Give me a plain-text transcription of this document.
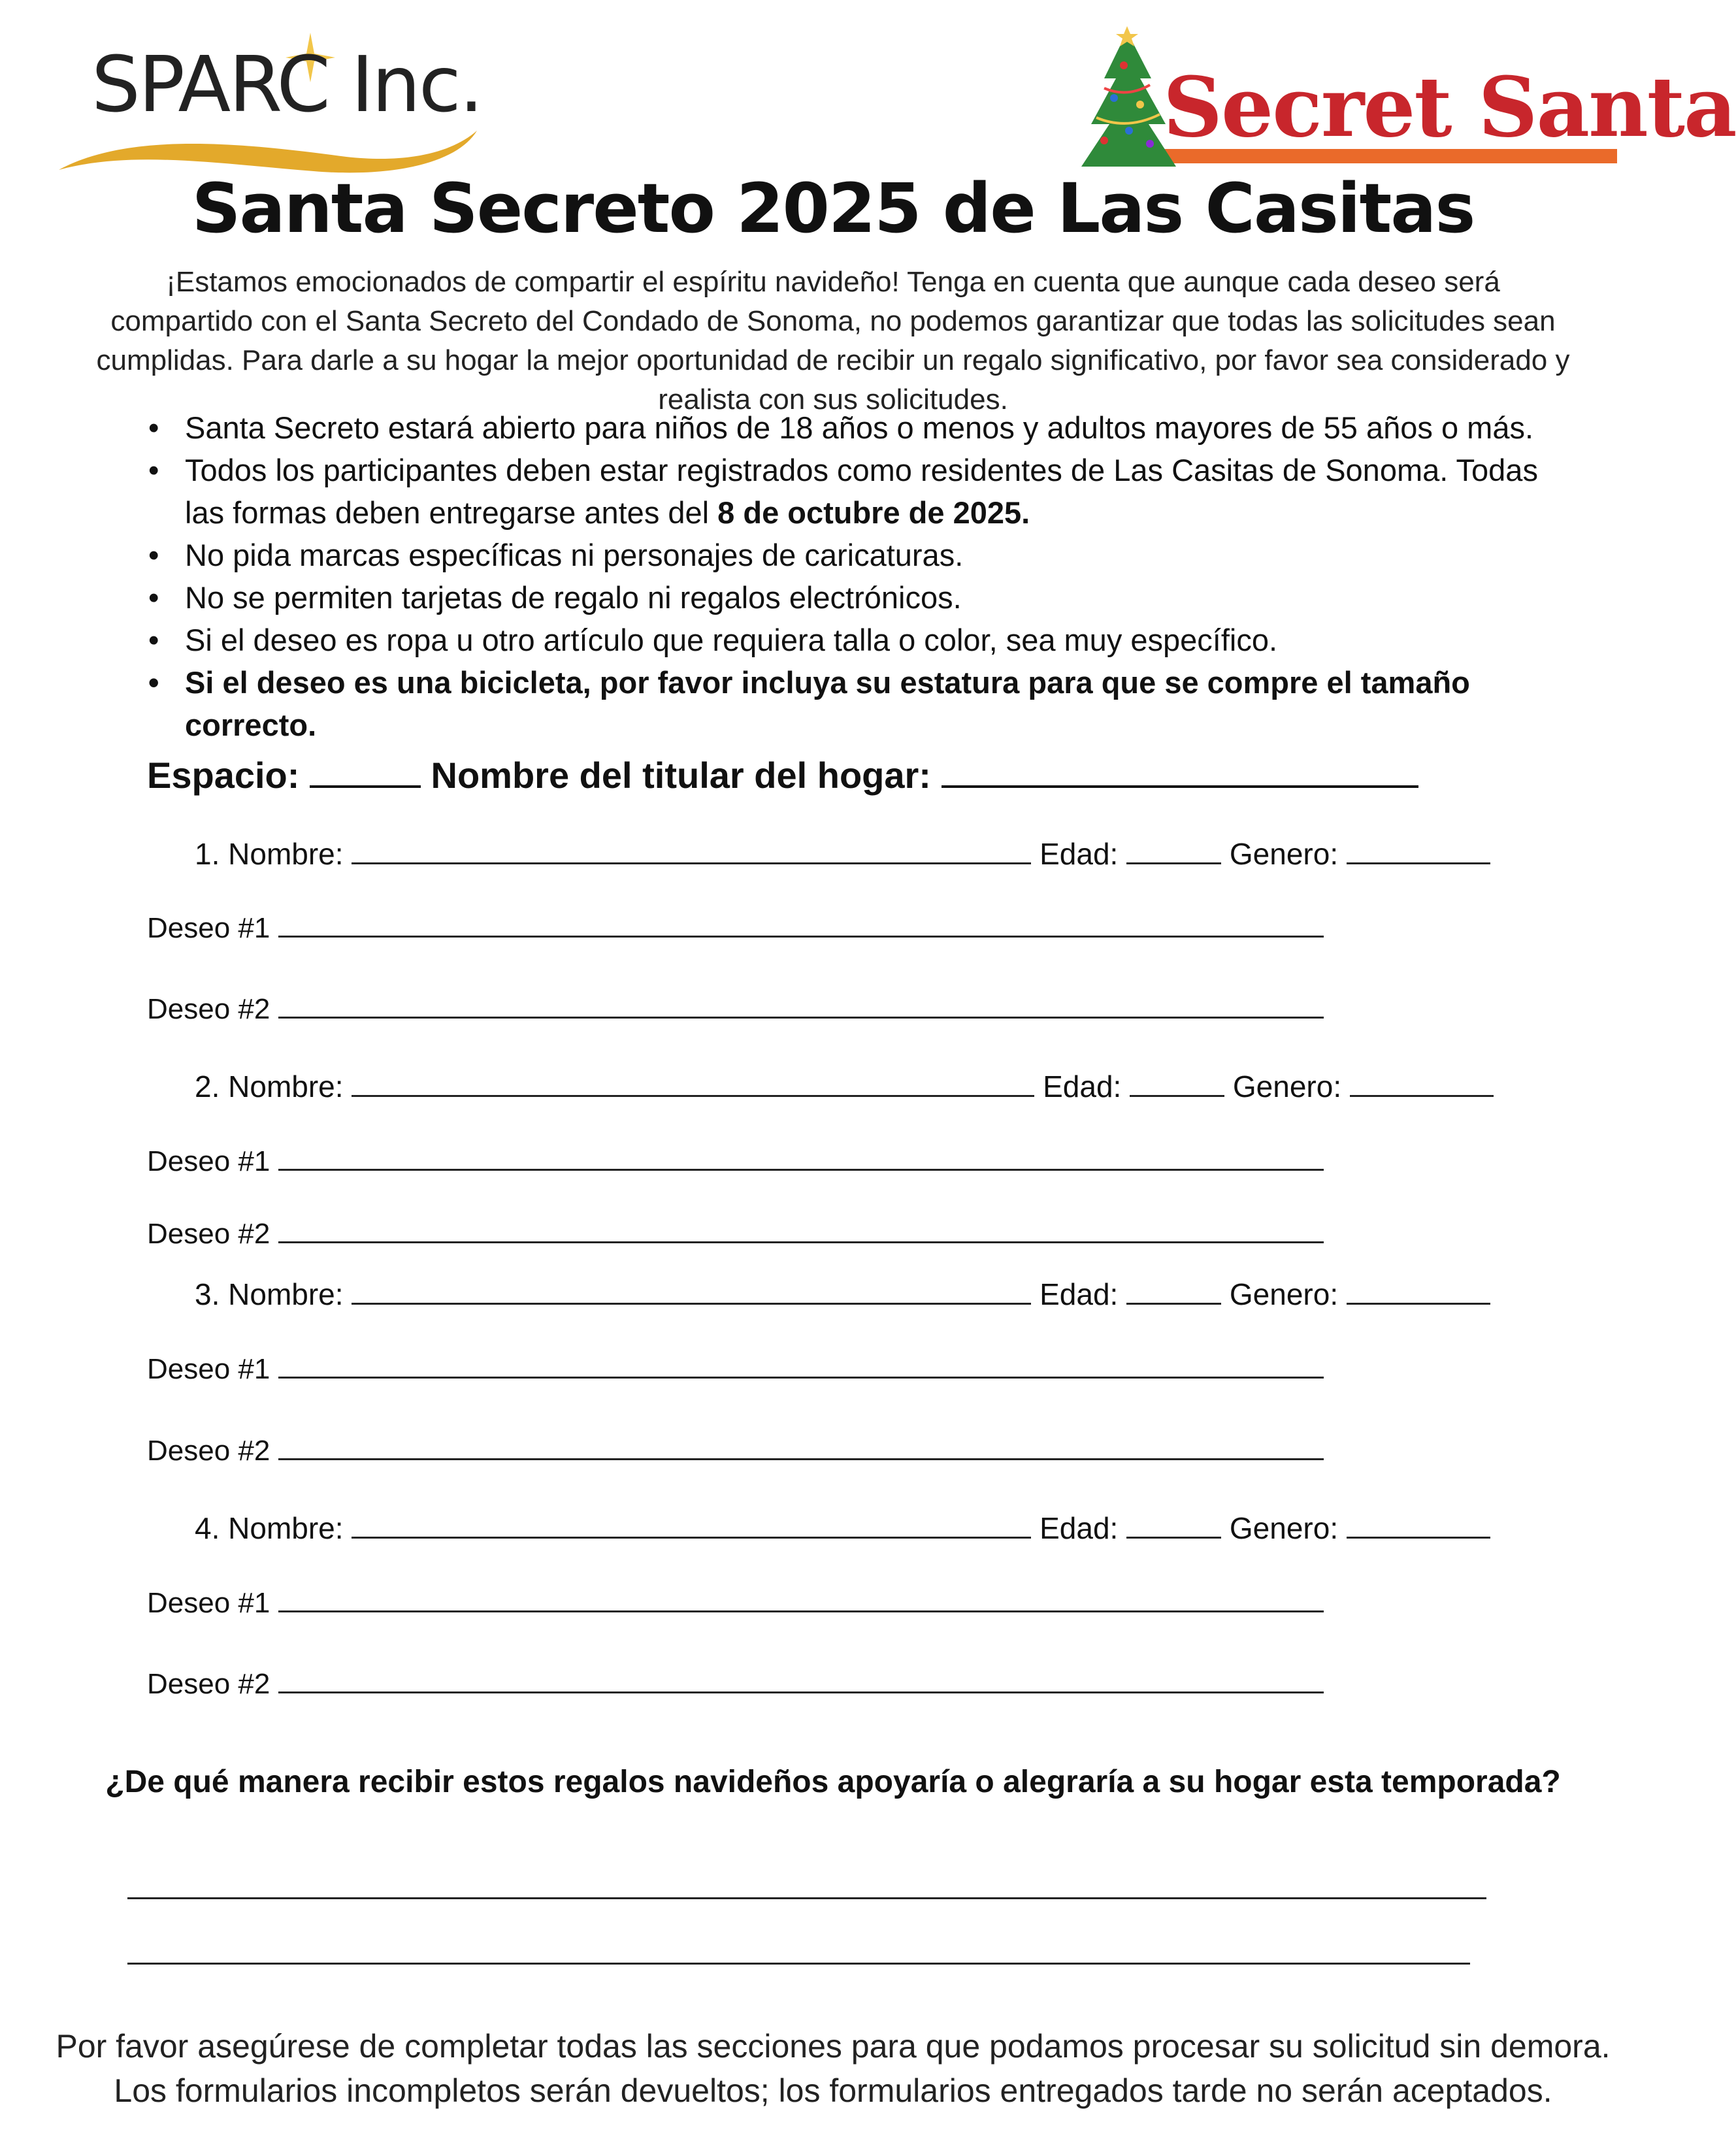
SPARC Inc.	Secret Santa
Santa Secreto 2025 de Las Casitas
¡Estamos emocionados de compartir el espíritu navideño! Tenga en cuenta que aunque cada deseo será compartido con el Santa Secreto del Condado de Sonoma, no podemos garantizar que todas las solicitudes sean cumplidas. Para darle a su hogar la mejor oportunidad de recibir un regalo significativo, por favor sea considerado y realista con sus solicitudes.
• Santa Secreto estará abierto para niños de 18 años o menos y adultos mayores de 55 años o más.
• Todos los participantes deben estar registrados como residentes de Las Casitas de Sonoma. Todas las formas deben entregarse antes del 8 de octubre de 2025.
• No pida marcas específicas ni personajes de caricaturas.
• No se permiten tarjetas de regalo ni regalos electrónicos.
• Si el deseo es ropa u otro artículo que requiera talla o color, sea muy específico.
• Si el deseo es una bicicleta, por favor incluya su estatura para que se compre el tamaño correcto.
Espacio:	Nombre del titular del hogar:
1. Nombre:	Edad:	Genero:
Deseo #1
Deseo #2
2. Nombre:	Edad:	Genero:
Deseo #1
Deseo #2
3. Nombre:	Edad:	Genero:
Deseo #1
Deseo #2
4. Nombre:	Edad:	Genero:
Deseo #1
Deseo #2
¿De qué manera recibir estos regalos navideños apoyaría o alegraría a su hogar esta temporada?
Por favor asegúrese de completar todas las secciones para que podamos procesar su solicitud sin demora.
Los formularios incompletos serán devueltos; los formularios entregados tarde no serán aceptados.
